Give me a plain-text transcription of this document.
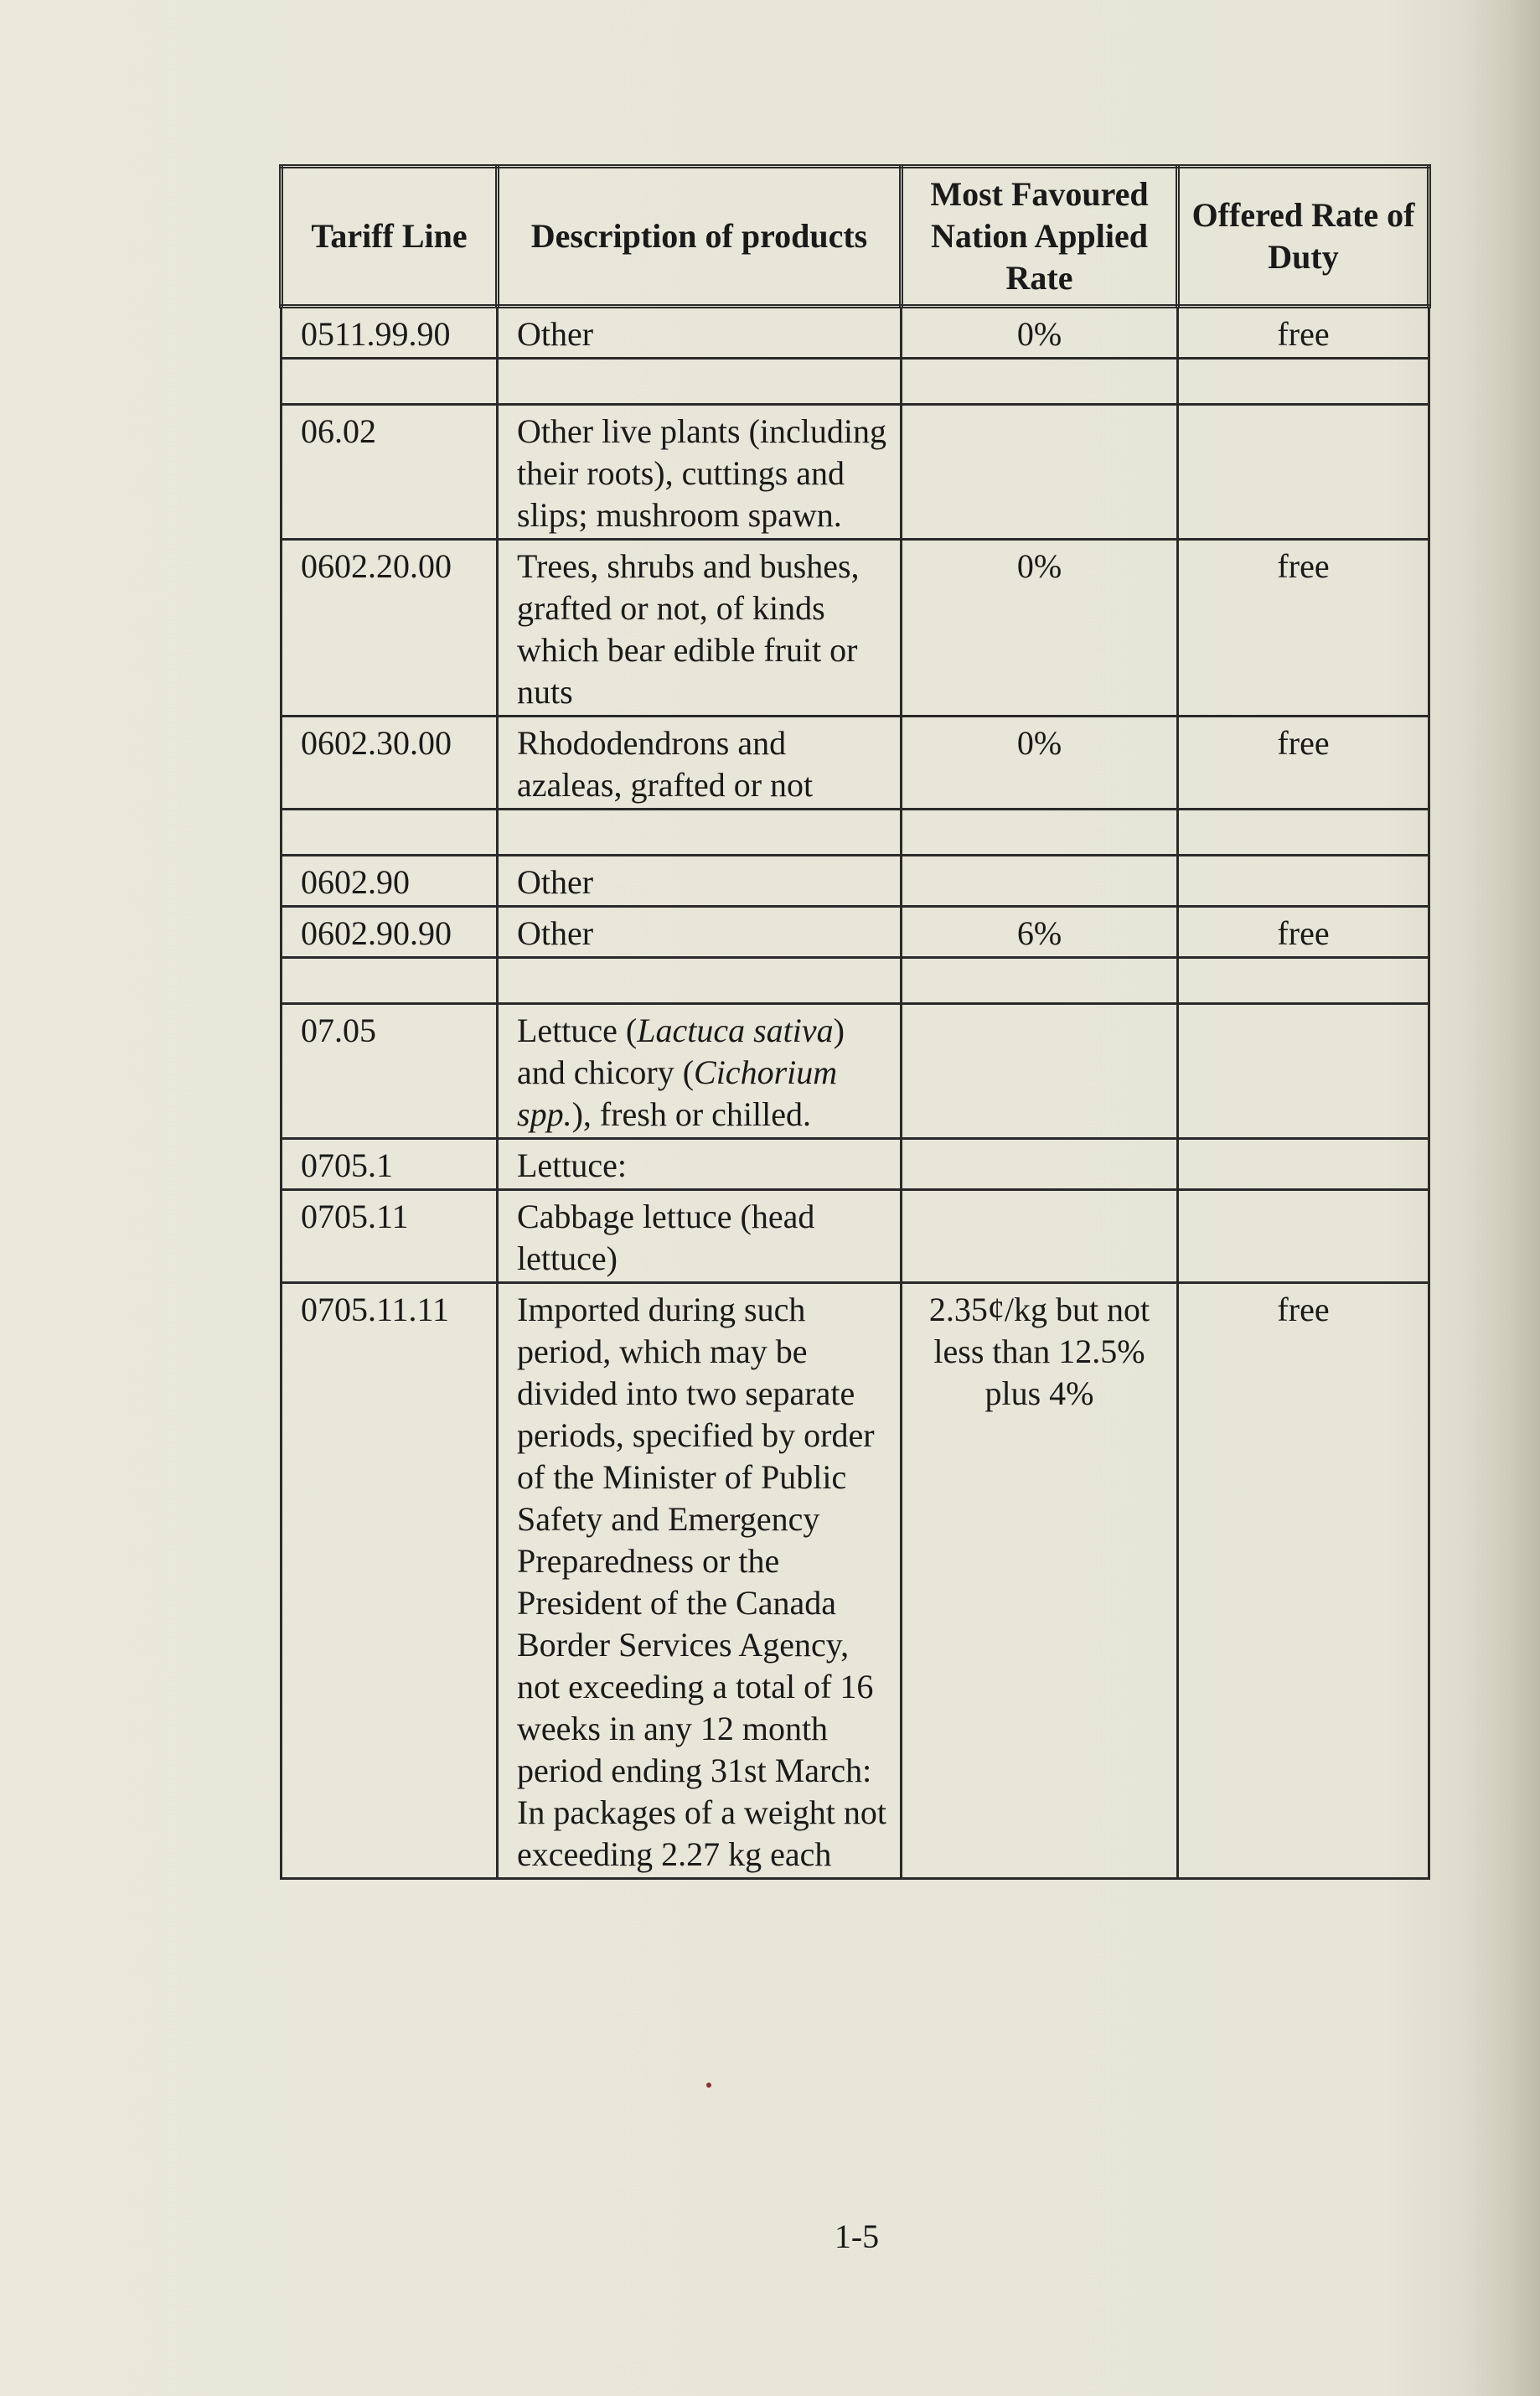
Tariff Line	Description of products	Most Favoured Nation Applied Rate	Offered Rate of Duty
0511.99.90	Other	0%	free

06.02	Other live plants (including their roots), cuttings and slips; mushroom spawn.		
0602.20.00	Trees, shrubs and bushes, grafted or not, of kinds which bear edible fruit or nuts	0%	free
0602.30.00	Rhododendrons and azaleas, grafted or not	0%	free

0602.90	Other		
0602.90.90	Other	6%	free

07.05	Lettuce (Lactuca sativa) and chicory (Cichorium spp.), fresh or chilled.		
0705.1	Lettuce:		
0705.11	Cabbage lettuce (head lettuce)		
0705.11.11	Imported during such period, which may be divided into two separate periods, specified by order of the Minister of Public Safety and Emergency Preparedness or the President of the Canada Border Services Agency, not exceeding a total of 16 weeks in any 12 month period ending 31st March: In packages of a weight not exceeding 2.27 kg each	2.35¢/kg but not less than 12.5% plus 4%	free
1-5
